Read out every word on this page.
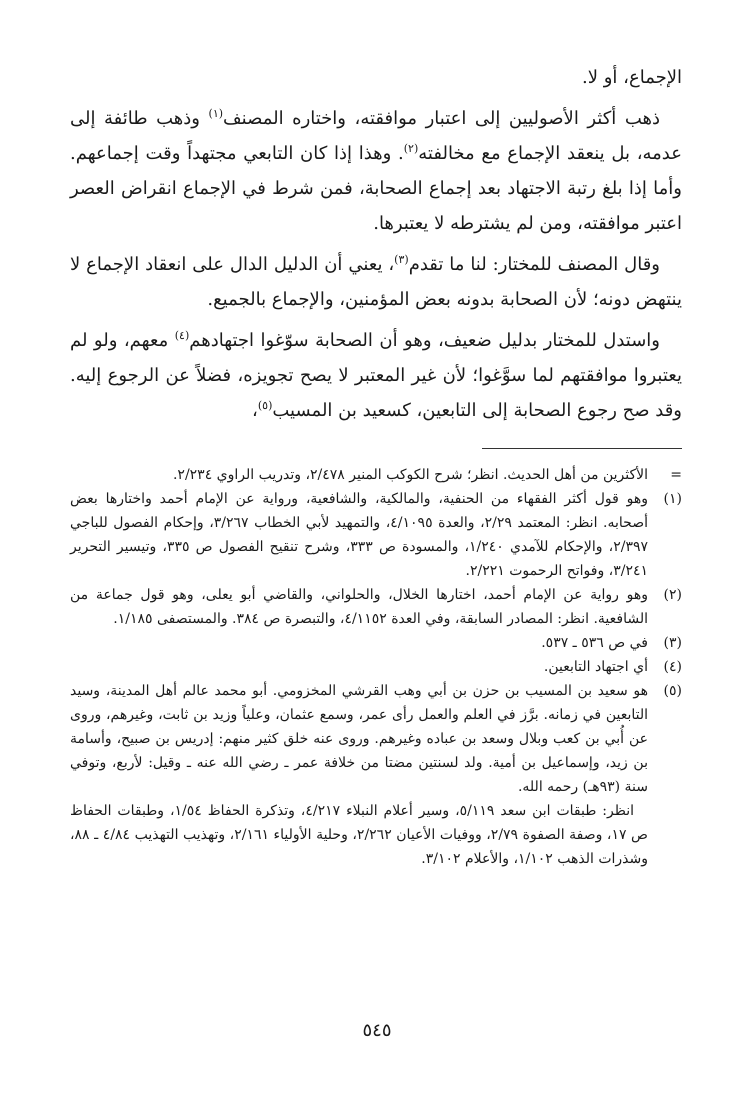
الإجماع، أو لا.

ذهب أكثر الأصوليين إلى اعتبار موافقته، واختاره المصنف$^{(١)}$ وذهب طائفة إلى عدمه، بل ينعقد الإجماع مع مخالفته$^{(٢)}$. وهذا إذا كان التابعي مجتهداً وقت إجماعهم. وأما إذا بلغ رتبة الاجتهاد بعد إجماع الصحابة، فمن شرط في الإجماع انقراض العصر اعتبر موافقته، ومن لم يشترطه لا يعتبرها.

وقال المصنف للمختار: لنا ما تقدم$^{(٣)}$، يعني أن الدليل الدال على انعقاد الإجماع لا ينتهض دونه؛ لأن الصحابة بدونه بعض المؤمنين، والإجماع بالجميع.

واستدل للمختار بدليل ضعيف، وهو أن الصحابة سوّغوا اجتهادهم$^{(٤)}$ معهم، ولو لم يعتبروا موافقتهم لما سوَّغوا؛ لأن غير المعتبر لا يصح تجويزه، فضلاً عن الرجوع إليه. وقد صح رجوع الصحابة إلى التابعين، كسعيد بن المسيب$^{(٥)}$،

=
الأكثرين من أهل الحديث. انظر؛ شرح الكوكب المنير ٢/٤٧٨، وتدريب الراوي ٢/٢٣٤.
(١)
وهو قول أكثر الفقهاء من الحنفية، والمالكية، والشافعية، ورواية عن الإمام أحمد واختارها بعض أصحابه. انظر: المعتمد ٢/٢٩، والعدة ٤/١٠٩٥، والتمهيد لأبي الخطاب ٣/٢٦٧، وإحكام الفصول للباجي ٢/٣٩٧، والإحكام للآمدي ١/٢٤٠، والمسودة ص ٣٣٣، وشرح تنقيح الفصول ص ٣٣٥، وتيسير التحرير ٣/٢٤١، وفواتح الرحموت ٢/٢٢١.
(٢)
وهو رواية عن الإمام أحمد، اختارها الخلال، والحلواني، والقاضي أبو يعلى، وهو قول جماعة من الشافعية. انظر: المصادر السابقة، وفي العدة ٤/١١٥٢، والتبصرة ص ٣٨٤. والمستصفى ١/١٨٥.
(٣)
في ص ٥٣٦ ـ ٥٣٧.
(٤)
أي اجتهاد التابعين.
(٥)
هو سعيد بن المسيب بن حزن بن أبي وهب القرشي المخزومي. أبو محمد عالم أهل المدينة، وسيد التابعين في زمانه. برَّز في العلم والعمل رأى عمر، وسمع عثمان، وعلياً وزيد بن ثابت، وغيرهم، وروى عن أُبي بن كعب وبلال وسعد بن عباده وغيرهم. وروى عنه خلق كثير منهم: إدريس بن صبيح، وأسامة بن زيد، وإسماعيل بن أمية. ولد لسنتين مضتا من خلافة عمر ـ رضي الله عنه ـ وقيل: لأربع، وتوفي سنة (٩٣هـ) رحمه الله.

انظر: طبقات ابن سعد ٥/١١٩، وسير أعلام النبلاء ٤/٢١٧، وتذكرة الحفاظ ١/٥٤، وطبقات الحفاظ ص ١٧، وصفة الصفوة ٢/٧٩، ووفيات الأعيان ٢/٢٦٢، وحلية الأولياء ٢/١٦١، وتهذيب التهذيب ٤/٨٤ ـ ٨٨، وشذرات الذهب ١/١٠٢، والأعلام ٣/١٠٢.

٥٤٥
